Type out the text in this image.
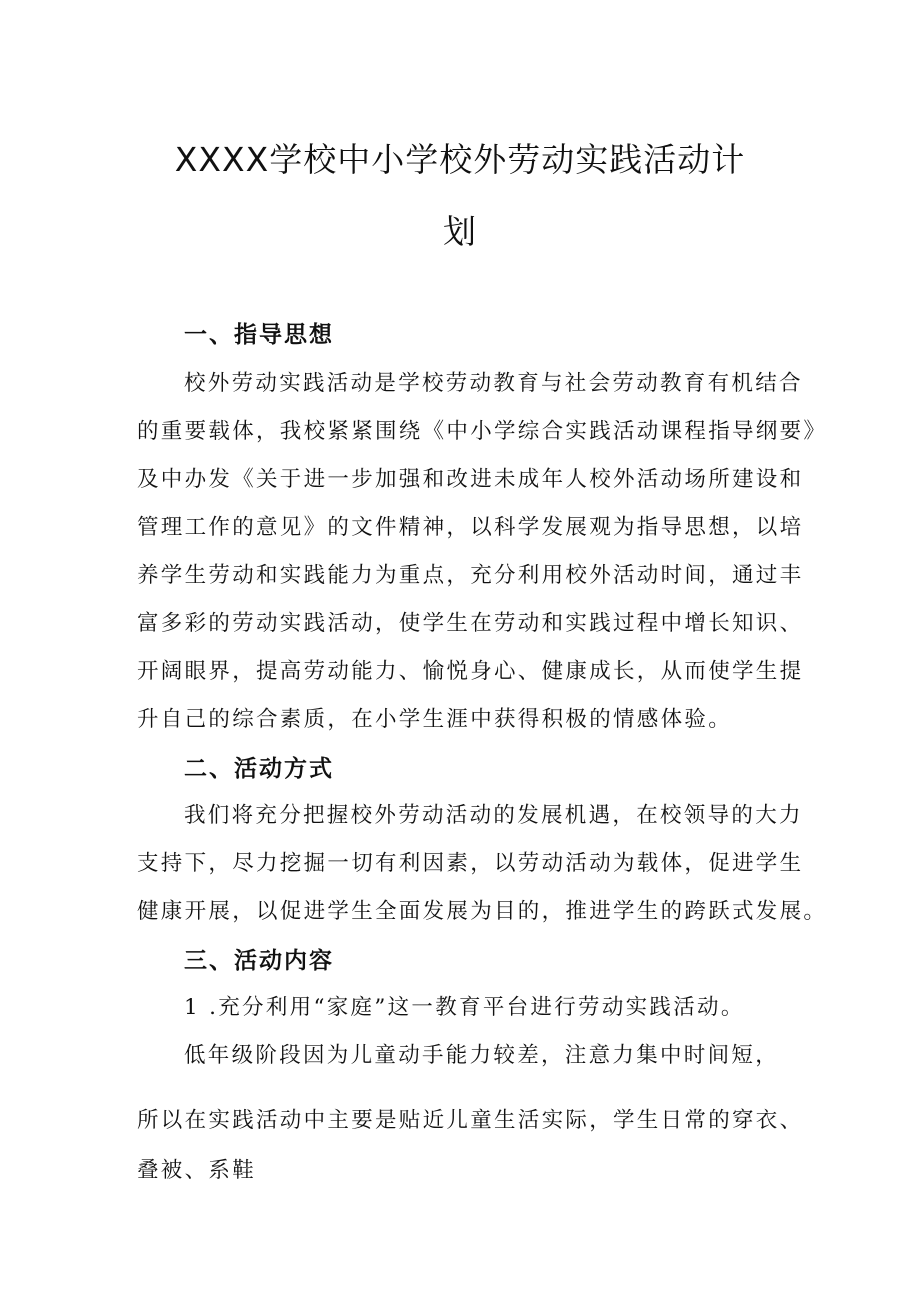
XXXX学校中小学校外劳动实践活动计
划
一、指导思想
校外劳动实践活动是学校劳动教育与社会劳动教育有机结合
的重要载体，我校紧紧围绕《中小学综合实践活动课程指导纲要》
及中办发《关于进一步加强和改进未成年人校外活动场所建设和
管理工作的意见》的文件精神，以科学发展观为指导思想，以培
养学生劳动和实践能力为重点，充分利用校外活动时间，通过丰
富多彩的劳动实践活动，使学生在劳动和实践过程中增长知识、
开阔眼界，提高劳动能力、愉悦身心、健康成长，从而使学生提
升自己的综合素质，在小学生涯中获得积极的情感体验。
二、活动方式
我们将充分把握校外劳动活动的发展机遇，在校领导的大力
支持下，尽力挖掘一切有利因素，以劳动活动为载体，促进学生
健康开展，以促进学生全面发展为目的，推进学生的跨跃式发展。
三、活动内容
1 .充分利用“家庭”这一教育平台进行劳动实践活动。
低年级阶段因为儿童动手能力较差，注意力集中时间短，
所以在实践活动中主要是贴近儿童生活实际，学生日常的穿衣、
叠被、系鞋
